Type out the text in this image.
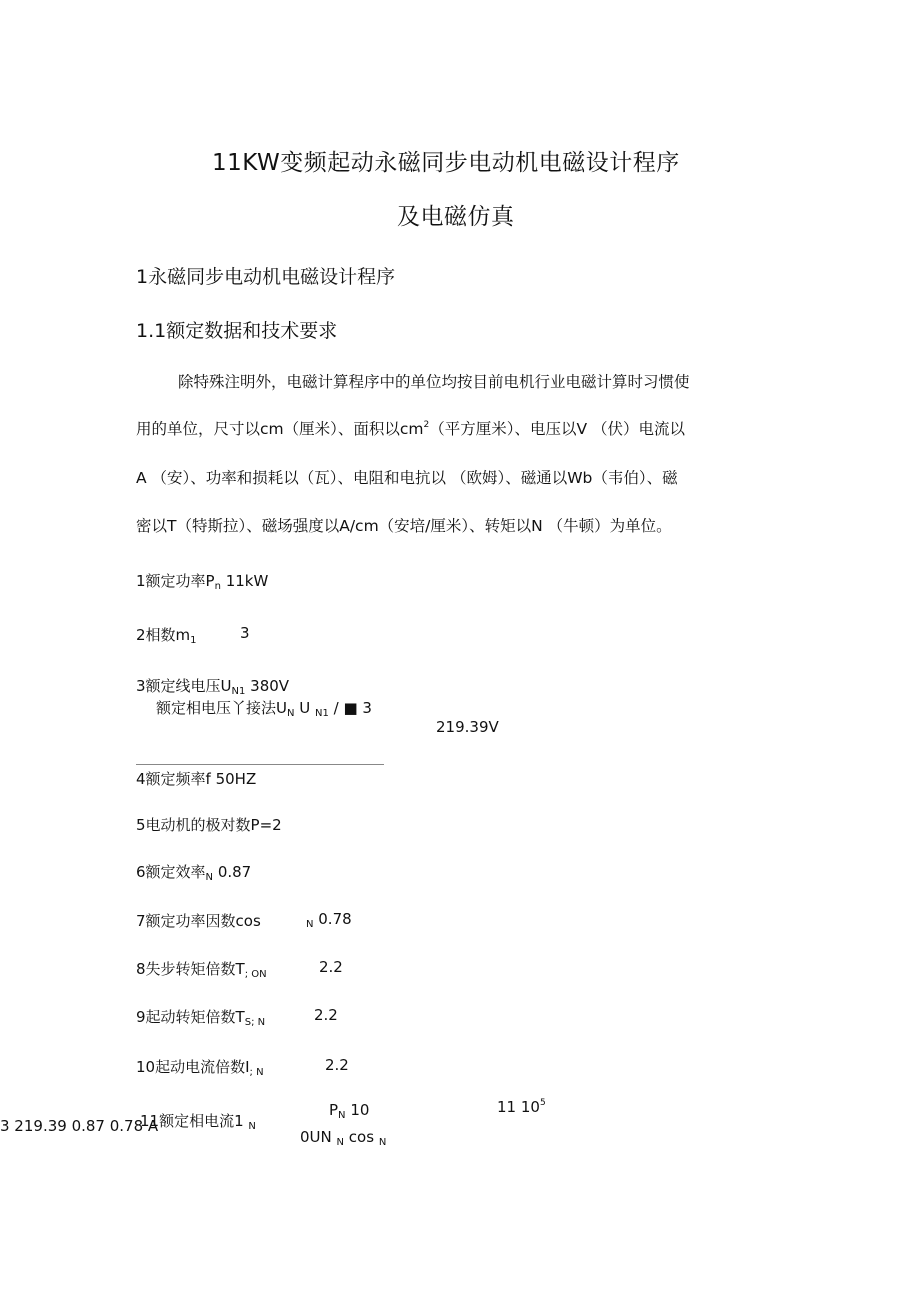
11KW变频起动永磁同步电动机电磁设计程序
及电磁仿真
1永磁同步电动机电磁设计程序
1.1额定数据和技术要求
除特殊注明外，电磁计算程序中的单位均按目前电机行业电磁计算时习惯使
用的单位，尺寸以cm（厘米）、面积以$cm^2$（平方厘米）、电压以V （伏）电流以
A （安）、功率和损耗以（瓦）、电阻和电抗以 （欧姆）、磁通以Wb（韦伯）、磁
密以T（特斯拉）、磁场强度以A/cm（安培/厘米）、转矩以N （牛顿）为单位。
1额定功率$P_n$ 11kW
2相数$m_1$	3
3额定线电压$U_{N1}$ 380V
额定相电压丫接法$U_N$ U $_{N1}$ / ■ 3
219.39V
4额定频率f 50HZ
5电动机的极对数P=2
6额定效率$_N$ 0.87
7额定功率因数cos	$_N$ 0.78
8失步转矩倍数$T_{; ON}$	2.2
9起动转矩倍数$T_{S; N}$	2.2
10起动电流倍数$I_{; N}$	2.2
11额定相电流1 $_N$
3 219.39 0.87 0.78 A
$P_N$ 10	11 $10^5$
0UN $_N$ cos $_N$
